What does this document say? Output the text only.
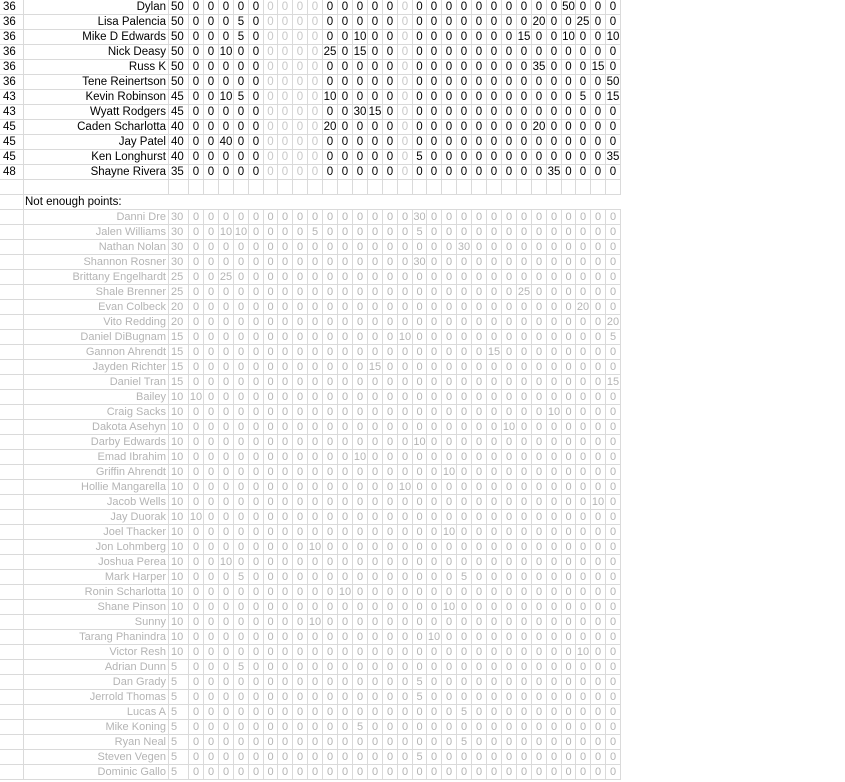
36	Dylan 50 0 0 0 0 0 0 0 0 0 0 0 0 0 0 0 0 0 0 0 0 0 0 0 0 0 50 0 0 0
36	Lisa Palencia 50 0 0 0 5 0 0 0 0 0 0 0 0 0 0 0 0 0 0 0 0 0 0 0 20 0 0 25 0 0
36	Mike D Edwards 50 0 0 0 5 0 0 0 0 0 0 0 10 0 0 0 0 0 0 0 0 0 0 15 0 0 10 0 0 10
36	Nick Deasy 50 0 0 10 0 0 0 0 0 0 25 0 15 0 0 0 0 0 0 0 0 0 0 0 0 0 0 0 0 0
36	Russ K 50 0 0 0 0 0 0 0 0 0 0 0 0 0 0 0 0 0 0 0 0 0 0 0 35 0 0 0 15 0
36	Tene Reinertson 50 0 0 0 0 0 0 0 0 0 0 0 0 0 0 0 0 0 0 0 0 0 0 0 0 0 0 0 0 50
43	Kevin Robinson 45 0 0 10 5 0 0 0 0 0 10 0 0 0 0 0 0 0 0 0 0 0 0 0 0 0 0 5 0 15
43	Wyatt Rodgers 45 0 0 0 0 0 0 0 0 0 0 0 30 15 0 0 0 0 0 0 0 0 0 0 0 0 0 0 0 0
45	Caden Scharlotta 40 0 0 0 0 0 0 0 0 0 20 0 0 0 0 0 0 0 0 0 0 0 0 0 20 0 0 0 0 0
45	Jay Patel 40 0 0 40 0 0 0 0 0 0 0 0 0 0 0 0 0 0 0 0 0 0 0 0 0 0 0 0 0 0
45	Ken Longhurst 40 0 0 0 0 0 0 0 0 0 0 0 0 0 0 0 5 0 0 0 0 0 0 0 0 0 0 0 0 35
48	Shayne Rivera 35 0 0 0 0 0 0 0 0 0 0 0 0 0 0 0 0 0 0 0 0 0 0 0 0 35 0 0 0 0
Not enough points:
Danni Dre 30 0 0 0 0 0 0 0 0 0 0 0 0 0 0 0 30 0 0 0 0 0 0 0 0 0 0 0 0 0
Jalen Williams 30 0 0 10 10 0 0 0 0 5 0 0 0 0 0 0 5 0 0 0 0 0 0 0 0 0 0 0 0 0
Nathan Nolan 30 0 0 0 0 0 0 0 0 0 0 0 0 0 0 0 0 0 0 30 0 0 0 0 0 0 0 0 0 0
Shannon Rosner 30 0 0 0 0 0 0 0 0 0 0 0 0 0 0 0 30 0 0 0 0 0 0 0 0 0 0 0 0 0
Brittany Engelhardt 25 0 0 25 0 0 0 0 0 0 0 0 0 0 0 0 0 0 0 0 0 0 0 0 0 0 0 0 0 0
Shale Brenner 25 0 0 0 0 0 0 0 0 0 0 0 0 0 0 0 0 0 0 0 0 0 0 25 0 0 0 0 0 0
Evan Colbeck 20 0 0 0 0 0 0 0 0 0 0 0 0 0 0 0 0 0 0 0 0 0 0 0 0 0 0 20 0 0
Vito Redding 20 0 0 0 0 0 0 0 0 0 0 0 0 0 0 0 0 0 0 0 0 0 0 0 0 0 0 0 0 20
Daniel DiBugnam 15 0 0 0 0 0 0 0 0 0 0 0 0 0 0 10 0 0 0 0 0 0 0 0 0 0 0 0 0 5
Gannon Ahrendt 15 0 0 0 0 0 0 0 0 0 0 0 0 0 0 0 0 0 0 0 0 15 0 0 0 0 0 0 0 0
Jayden Richter 15 0 0 0 0 0 0 0 0 0 0 0 0 15 0 0 0 0 0 0 0 0 0 0 0 0 0 0 0 0
Daniel Tran 15 0 0 0 0 0 0 0 0 0 0 0 0 0 0 0 0 0 0 0 0 0 0 0 0 0 0 0 0 15
Bailey 10 10 0 0 0 0 0 0 0 0 0 0 0 0 0 0 0 0 0 0 0 0 0 0 0 0 0 0 0 0
Craig Sacks 10 0 0 0 0 0 0 0 0 0 0 0 0 0 0 0 0 0 0 0 0 0 0 0 0 10 0 0 0 0
Dakota Asehyn 10 0 0 0 0 0 0 0 0 0 0 0 0 0 0 0 0 0 0 0 0 0 10 0 0 0 0 0 0 0
Darby Edwards 10 0 0 0 0 0 0 0 0 0 0 0 0 0 0 0 10 0 0 0 0 0 0 0 0 0 0 0 0 0
Emad Ibrahim 10 0 0 0 0 0 0 0 0 0 0 0 10 0 0 0 0 0 0 0 0 0 0 0 0 0 0 0 0 0
Griffin Ahrendt 10 0 0 0 0 0 0 0 0 0 0 0 0 0 0 0 0 0 10 0 0 0 0 0 0 0 0 0 0 0
Hollie Mangarella 10 0 0 0 0 0 0 0 0 0 0 0 0 0 0 10 0 0 0 0 0 0 0 0 0 0 0 0 0 0
Jacob Wells 10 0 0 0 0 0 0 0 0 0 0 0 0 0 0 0 0 0 0 0 0 0 0 0 0 0 0 0 10 0
Jay Duorak 10 10 0 0 0 0 0 0 0 0 0 0 0 0 0 0 0 0 0 0 0 0 0 0 0 0 0 0 0 0
Joel Thacker 10 0 0 0 0 0 0 0 0 0 0 0 0 0 0 0 0 0 10 0 0 0 0 0 0 0 0 0 0 0
Jon Lohmberg 10 0 0 0 0 0 0 0 0 10 0 0 0 0 0 0 0 0 0 0 0 0 0 0 0 0 0 0 0 0
Joshua Perea 10 0 0 10 0 0 0 0 0 0 0 0 0 0 0 0 0 0 0 0 0 0 0 0 0 0 0 0 0 0
Mark Harper 10 0 0 0 5 0 0 0 0 0 0 0 0 0 0 0 0 0 0 5 0 0 0 0 0 0 0 0 0 0
Ronin Scharlotta 10 0 0 0 0 0 0 0 0 0 0 10 0 0 0 0 0 0 0 0 0 0 0 0 0 0 0 0 0 0
Shane Pinson 10 0 0 0 0 0 0 0 0 0 0 0 0 0 0 0 0 0 10 0 0 0 0 0 0 0 0 0 0 0
Sunny 10 0 0 0 0 0 0 0 0 10 0 0 0 0 0 0 0 0 0 0 0 0 0 0 0 0 0 0 0 0
Tarang Phanindra 10 0 0 0 0 0 0 0 0 0 0 0 0 0 0 0 0 10 0 0 0 0 0 0 0 0 0 0 0 0
Victor Resh 10 0 0 0 0 0 0 0 0 0 0 0 0 0 0 0 0 0 0 0 0 0 0 0 0 0 0 10 0 0
Adrian Dunn 5	0 0 0 5 0 0 0 0 0 0 0 0 0 0 0 0 0 0 0 0 0 0 0 0 0 0 0 0 0
Dan Grady 5	0 0 0 0 0 0 0 0 0 0 0 0 0 0 0 5 0 0 0 0 0 0 0 0 0 0 0 0 0
Jerrold Thomas 5	0 0 0 0 0 0 0 0 0 0 0 0 0 0 0 5 0 0 0 0 0 0 0 0 0 0 0 0 0
Lucas A 5	0 0 0 0 0 0 0 0 0 0 0 0 0 0 0 0 0 0 5 0 0 0 0 0 0 0 0 0 0
Mike Koning 5	0 0 0 0 0 0 0 0 0 0 0 5 0 0 0 0 0 0 0 0 0 0 0 0 0 0 0 0 0
Ryan Neal 5	0 0 0 0 0 0 0 0 0 0 0 0 0 0 0 0 0 0 5 0 0 0 0 0 0 0 0 0 0
Steven Vegen 5	0 0 0 0 0 0 0 0 0 0 0 0 0 0 0 5 0 0 0 0 0 0 0 0 0 0 0 0 0
Dominic Gallo 5	0 0 0 0 0 0 0 0 0 0 0 0 0 0 0 0 0 0 0 0 0 0 0 0 0 0 0 0 0
